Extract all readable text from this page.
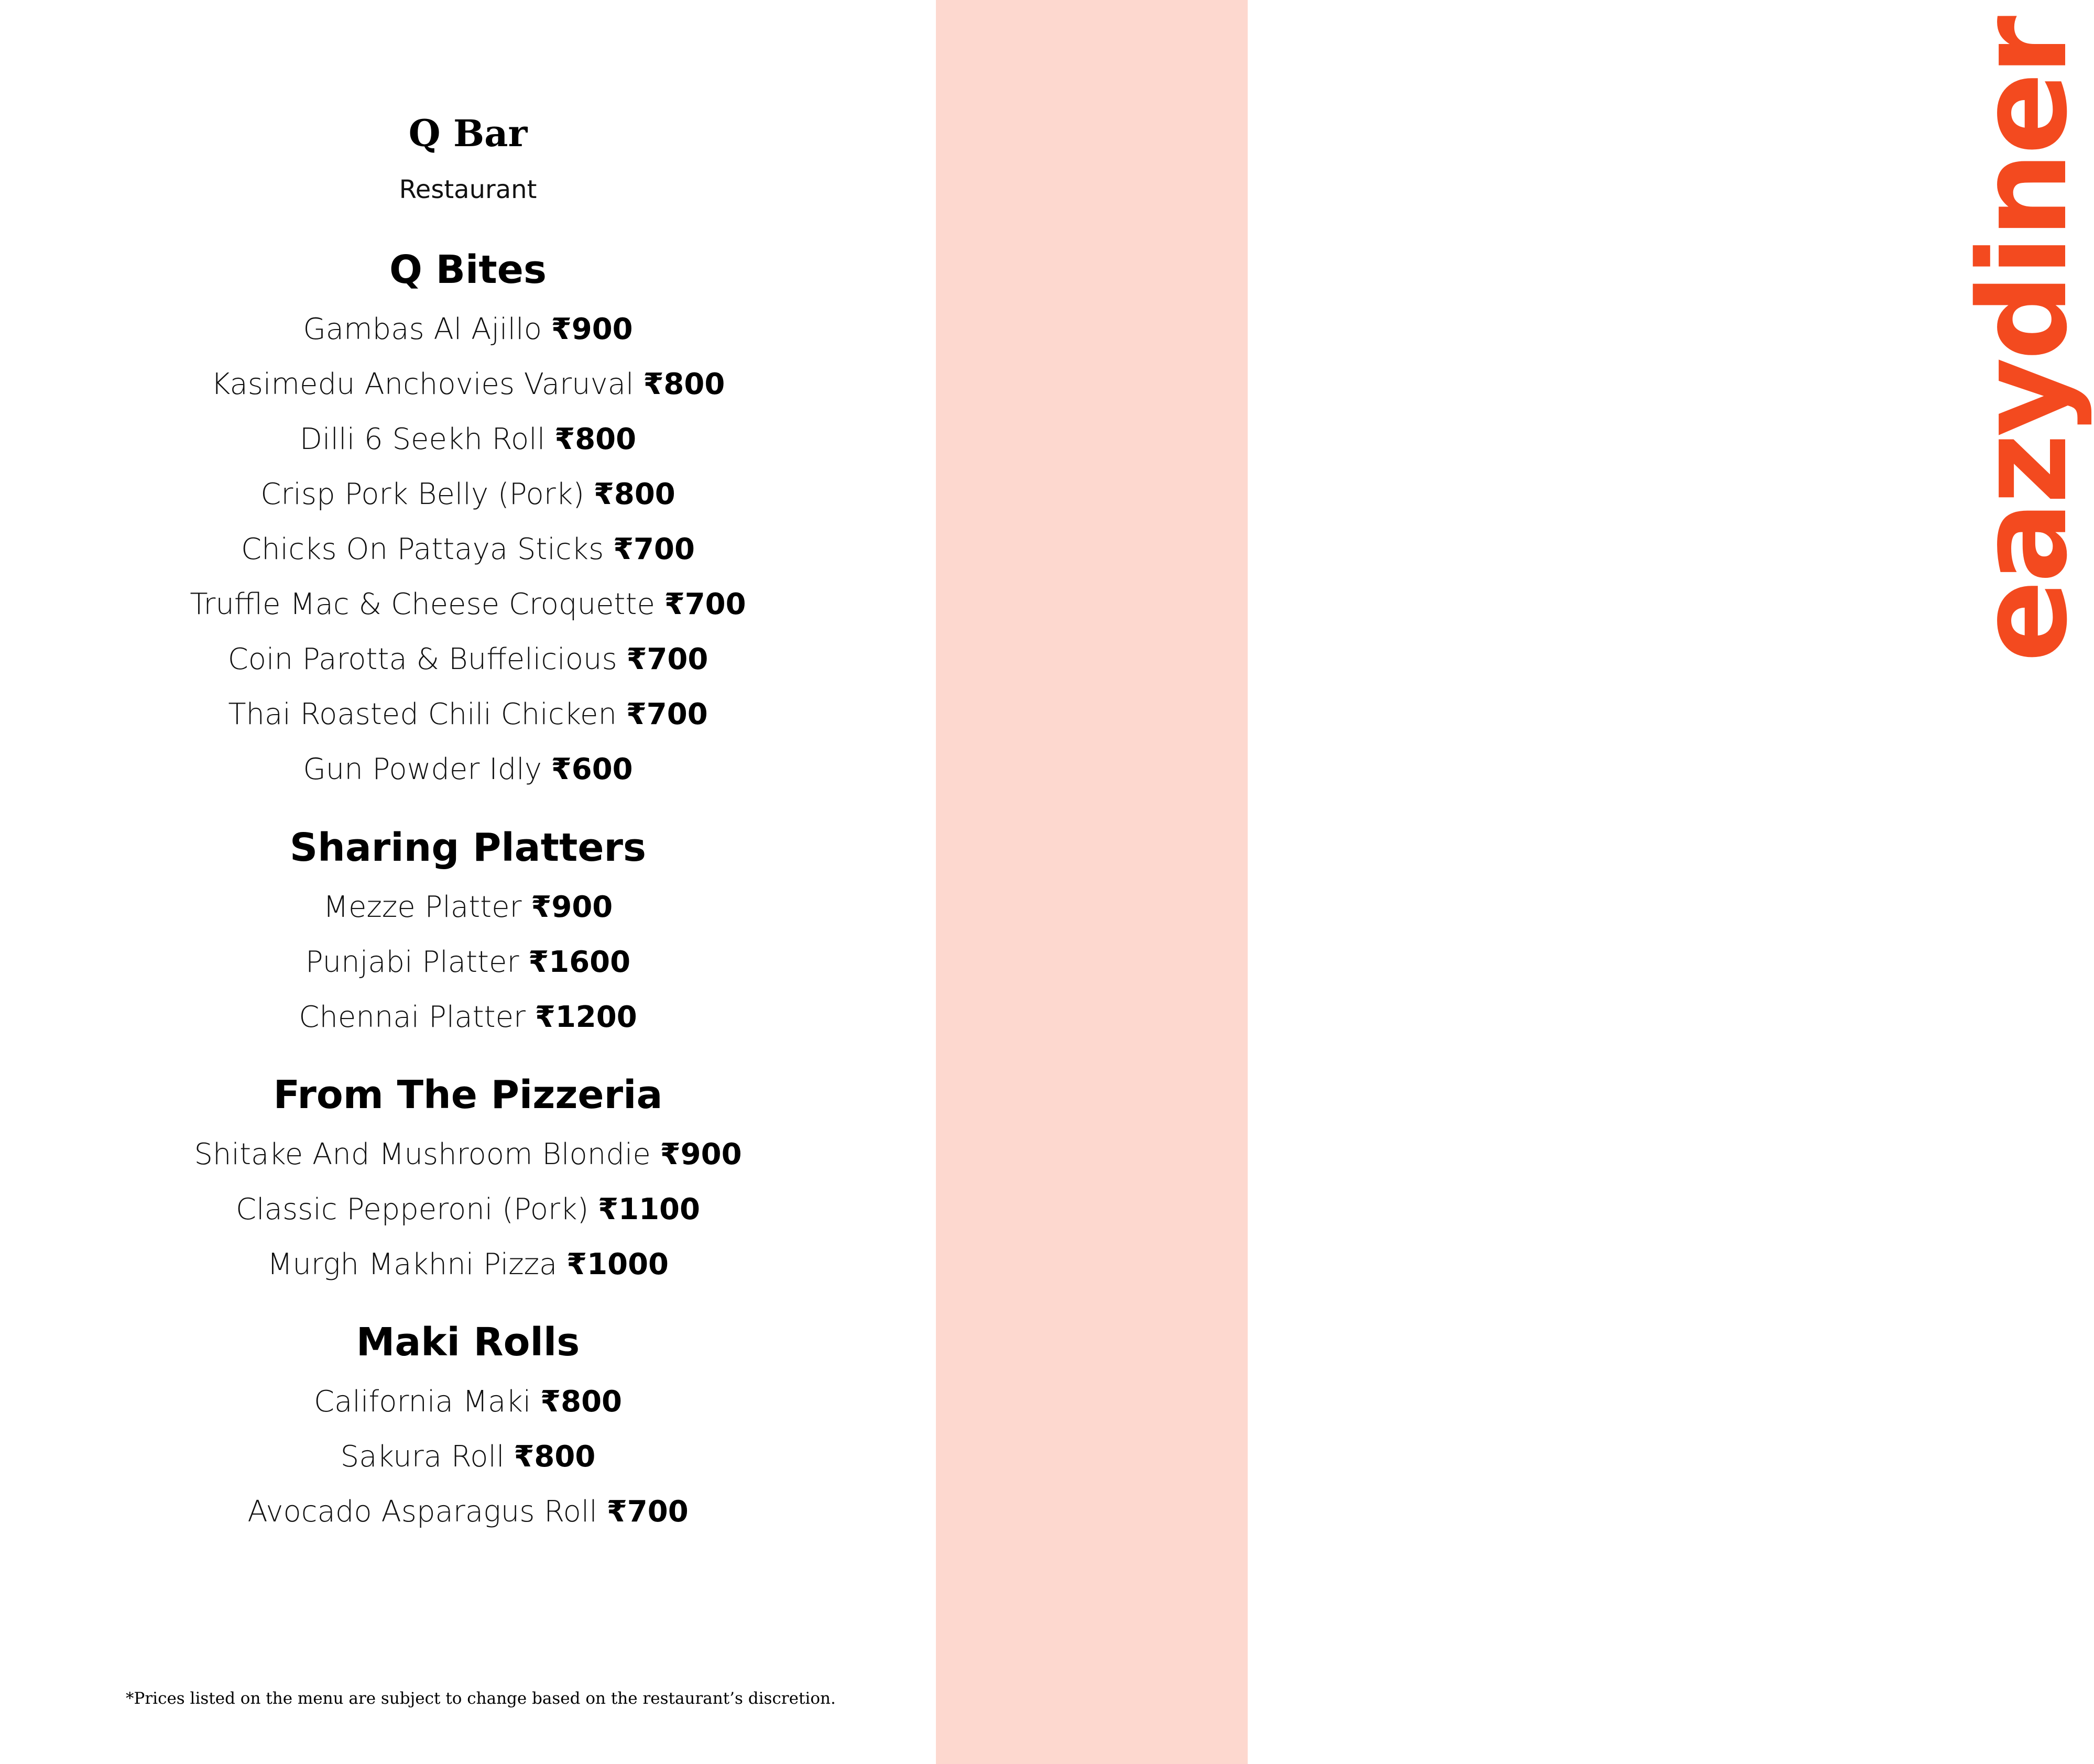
eazydiner
Q Bar
Restaurant
Q Bites
Gambas Al Ajillo ₹900
Kasimedu Anchovies Varuval ₹800
Dilli 6 Seekh Roll ₹800
Crisp Pork Belly (Pork) ₹800
Chicks On Pattaya Sticks ₹700
Truffle Mac & Cheese Croquette ₹700
Coin Parotta & Buffelicious ₹700
Thai Roasted Chili Chicken ₹700
Gun Powder Idly ₹600
Sharing Platters
Mezze Platter ₹900
Punjabi Platter ₹1600
Chennai Platter ₹1200
From The Pizzeria
Shitake And Mushroom Blondie ₹900
Classic Pepperoni (Pork) ₹1100
Murgh Makhni Pizza ₹1000
Maki Rolls
California Maki ₹800
Sakura Roll ₹800
Avocado Asparagus Roll ₹700
*Prices listed on the menu are subject to change based on the restaurant’s discretion.
